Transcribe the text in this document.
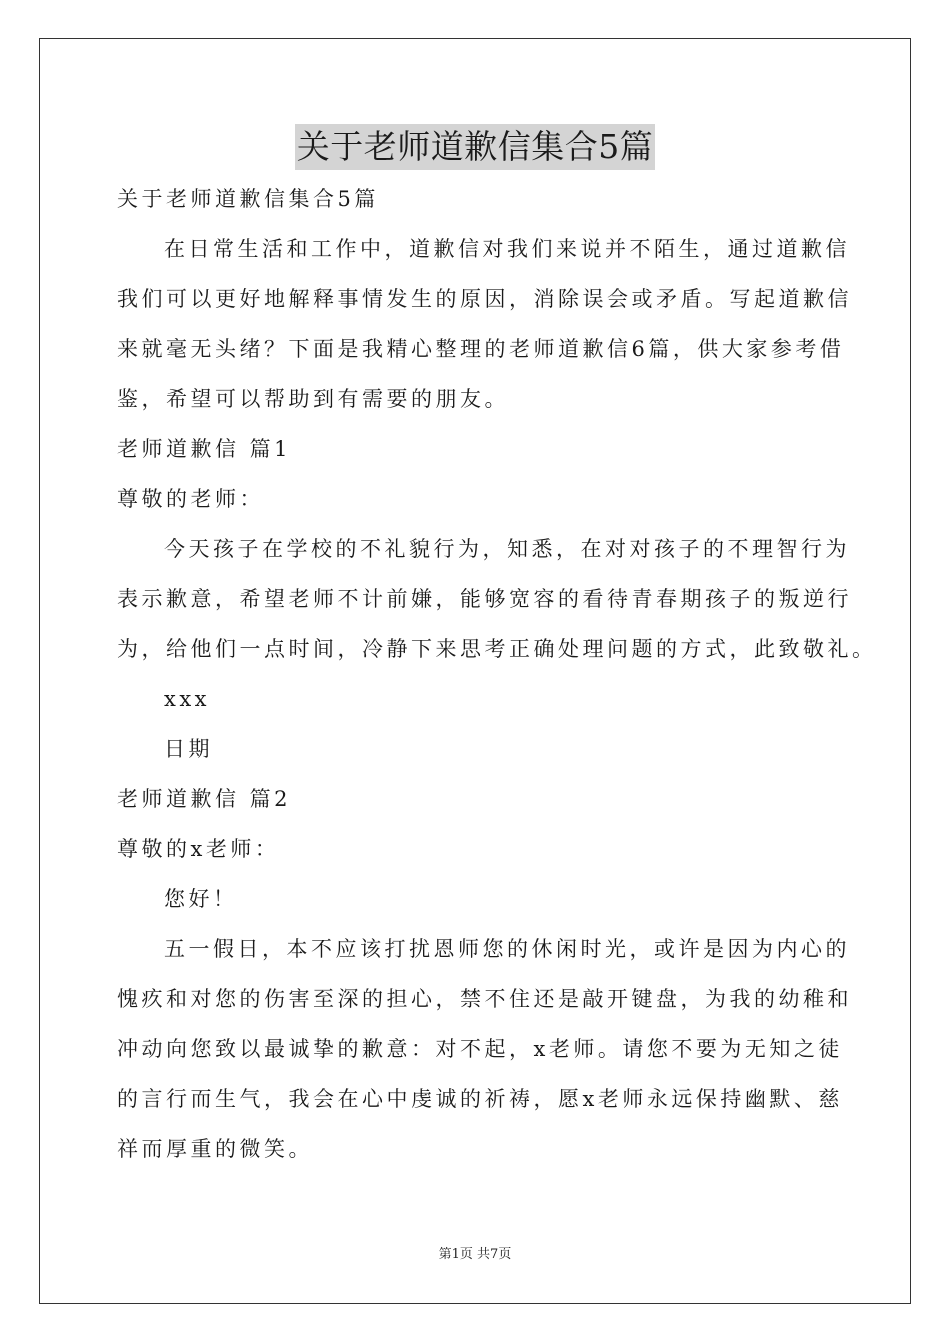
关于老师道歉信集合5篇

关于老师道歉信集合5篇

在日常生活和工作中，道歉信对我们来说并不陌生，通过道歉信

我们可以更好地解释事情发生的原因，消除误会或矛盾。写起道歉信

来就毫无头绪？下面是我精心整理的老师道歉信6篇，供大家参考借

鉴，希望可以帮助到有需要的朋友。

老师道歉信 篇1

尊敬的老师：

今天孩子在学校的不礼貌行为，知悉，在对对孩子的不理智行为

表示歉意，希望老师不计前嫌，能够宽容的看待青春期孩子的叛逆行

为，给他们一点时间，冷静下来思考正确处理问题的方式，此致敬礼。

xxx

日期

老师道歉信 篇2

尊敬的x老师：

您好！

五一假日，本不应该打扰恩师您的休闲时光，或许是因为内心的

愧疚和对您的伤害至深的担心，禁不住还是敲开键盘，为我的幼稚和

冲动向您致以最诚挚的歉意：对不起，x老师。请您不要为无知之徒

的言行而生气，我会在心中虔诚的祈祷，愿x老师永远保持幽默、慈

祥而厚重的微笑。

第1页 共7页
